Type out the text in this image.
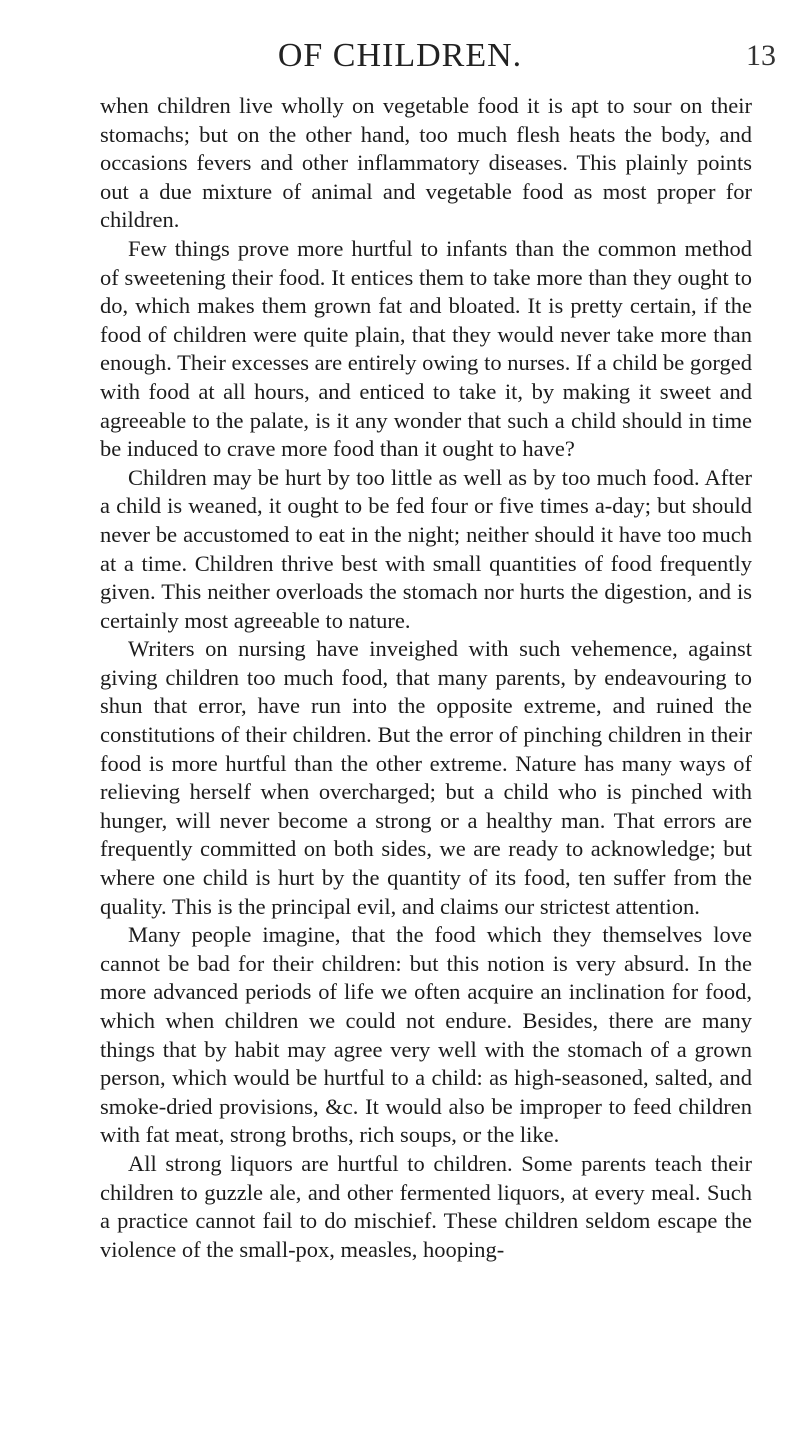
OF CHILDREN.	13

when children live wholly on vegetable food it is apt to sour on their stomachs; but on the other hand, too much flesh heats the body, and occasions fevers and other inflammatory diseases. This plainly points out a due mixture of animal and vegetable food as most proper for children.

Few things prove more hurtful to infants than the common method of sweetening their food. It entices them to take more than they ought to do, which makes them grown fat and bloated. It is pretty certain, if the food of children were quite plain, that they would never take more than enough. Their excesses are entirely owing to nurses. If a child be gorged with food at all hours, and enticed to take it, by making it sweet and agreeable to the palate, is it any wonder that such a child should in time be induced to crave more food than it ought to have?

Children may be hurt by too little as well as by too much food. After a child is weaned, it ought to be fed four or five times a-day; but should never be accustomed to eat in the night; neither should it have too much at a time. Children thrive best with small quantities of food frequently given. This neither overloads the stomach nor hurts the digestion, and is certainly most agreeable to nature.

Writers on nursing have inveighed with such vehemence, against giving children too much food, that many parents, by endeavouring to shun that error, have run into the opposite extreme, and ruined the constitutions of their children. But the error of pinching children in their food is more hurtful than the other extreme. Nature has many ways of relieving herself when overcharged; but a child who is pinched with hunger, will never become a strong or a healthy man. That errors are frequently committed on both sides, we are ready to acknowledge; but where one child is hurt by the quantity of its food, ten suffer from the quality. This is the principal evil, and claims our strictest attention.

Many people imagine, that the food which they themselves love cannot be bad for their children: but this notion is very absurd. In the more advanced periods of life we often acquire an inclination for food, which when children we could not endure. Besides, there are many things that by habit may agree very well with the stomach of a grown person, which would be hurtful to a child: as high-seasoned, salted, and smoke-dried provisions, &c. It would also be improper to feed children with fat meat, strong broths, rich soups, or the like.

All strong liquors are hurtful to children. Some parents teach their children to guzzle ale, and other fermented liquors, at every meal. Such a practice cannot fail to do mischief. These children seldom escape the violence of the small-pox, measles, hooping-
